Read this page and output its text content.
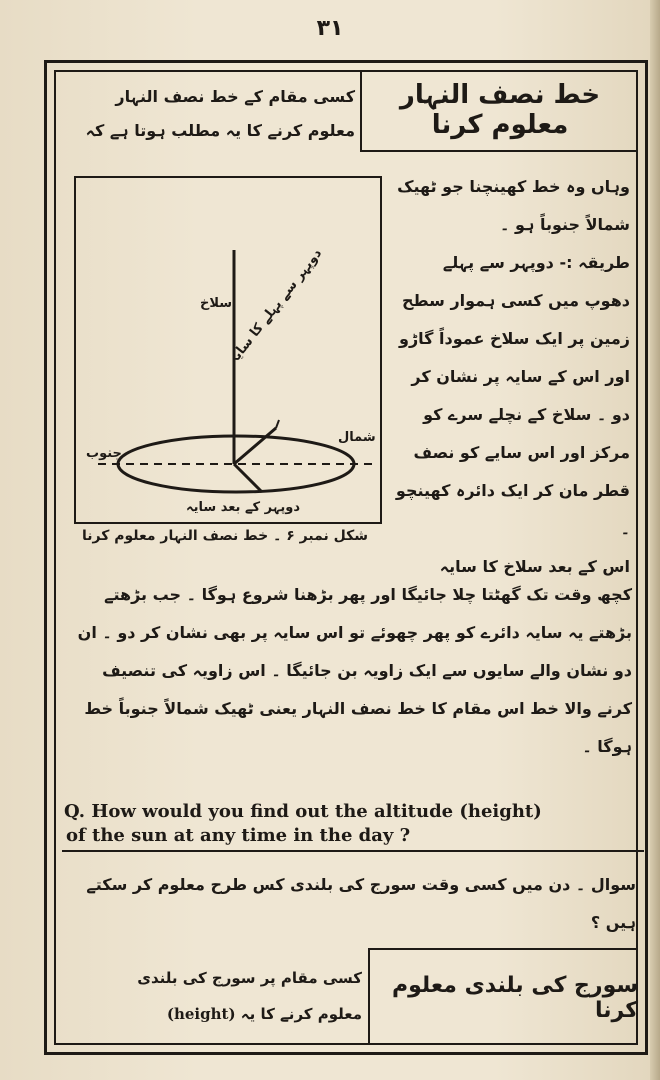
۳۱
خط نصف النہار معلوم کرنا
کسی مقام کے خط نصف النہار معلوم کرنے کا یہ مطلب ہوتا ہے کہ
سلاخ
دوپہر سے پہلے کا سایہ
جنوب
شمال
دوپہر کے بعد سایہ
شکل نمبر ۶ ۔ خط نصف النہار معلوم کرنا

وہاں وہ خط کھینچنا جو ٹھیک شمالاً جنوباً ہو ۔

طریقہ :- دوپہر سے پہلے دھوپ میں کسی ہموار سطح زمین پر ایک سلاخ عموداً گاڑو اور اس کے سایہ پر نشان کر دو ۔ سلاخ کے نچلے سرے کو مرکز اور اس سایے کو نصف قطر مان کر ایک دائرہ کھینچو ۔

اس کے بعد سلاخ کا سایہ

کچھ وقت تک گھٹتا چلا جائیگا اور پھر بڑھنا شروع ہوگا ۔ جب بڑھتے بڑھتے یہ سایہ دائرے کو پھر چھوئے تو اس سایہ پر بھی نشان کر دو ۔ ان دو نشان والے سایوں سے ایک زاویہ بن جائیگا ۔ اس زاویہ کی تنصیف کرنے والا خط اس مقام کا خط نصف النہار یعنی ٹھیک شمالاً جنوباً خط ہوگا ۔
Q. How would you find out the altitude (height)
of the sun at any time in the day ?
سوال ۔ دن میں کسی وقت سورج کی بلندی کس طرح معلوم کر سکتے ہیں ؟
سورج کی بلندی معلوم کرنا
کسی مقام پر سورج کی بلندی
معلوم کرنے کا یہ (height)
